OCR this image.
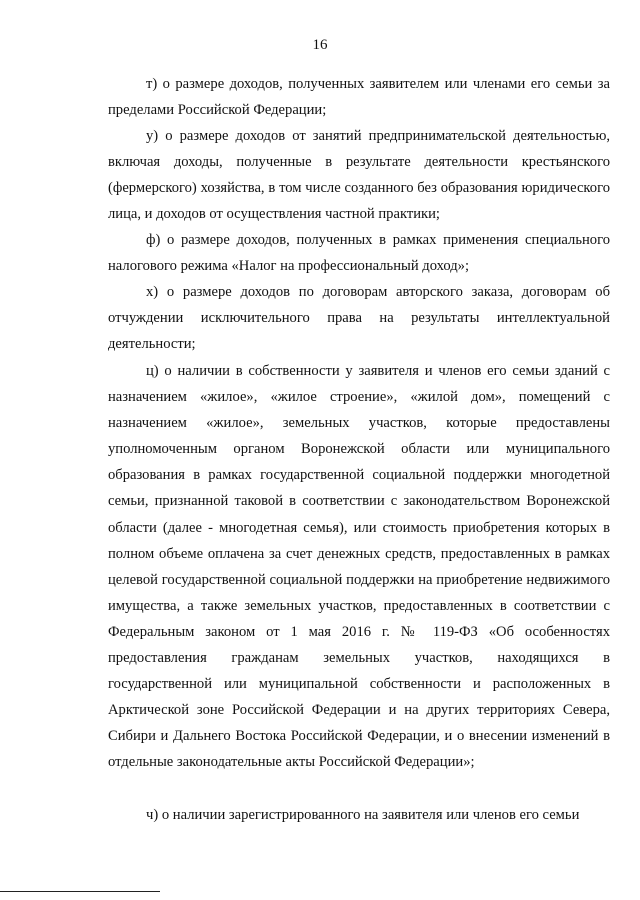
16

т) о размере доходов, полученных заявителем или членами его семьи за пределами Российской Федерации;

у) о размере доходов от занятий предпринимательской деятельностью, включая доходы, полученные в результате деятельности крестьянского (фермерского) хозяйства, в том числе созданного без образования юридического лица, и доходов от осуществления частной практики;

ф) о размере доходов, полученных в рамках применения специального налогового режима «Налог на профессиональный доход»;

х) о размере доходов по договорам авторского заказа, договорам об отчуждении исключительного права на результаты интеллектуальной деятельности;

ц) о наличии в собственности у заявителя и членов его семьи зданий с назначением «жилое», «жилое строение», «жилой дом», помещений с назначением «жилое», земельных участков, которые предоставлены уполномоченным органом Воронежской области или муниципального образования в рамках государственной социальной поддержки многодетной семьи, признанной таковой в соответствии с законодательством Воронежской области (далее - многодетная семья), или стоимость приобретения которых в полном объеме оплачена за счет денежных средств, предоставленных в рамках целевой государственной социальной поддержки на приобретение недвижимого имущества, а также земельных участков, предоставленных в соответствии с Федеральным законом от 1 мая 2016 г. № 119-ФЗ «Об особенностях предоставления гражданам земельных участков, находящихся в государственной или муниципальной собственности и расположенных в Арктической зоне Российской Федерации и на других территориях Севера, Сибири и Дальнего Востока Российской Федерации, и о внесении изменений в отдельные законодательные акты Российской Федерации»;

ч) о наличии зарегистрированного на заявителя или членов его семьи
